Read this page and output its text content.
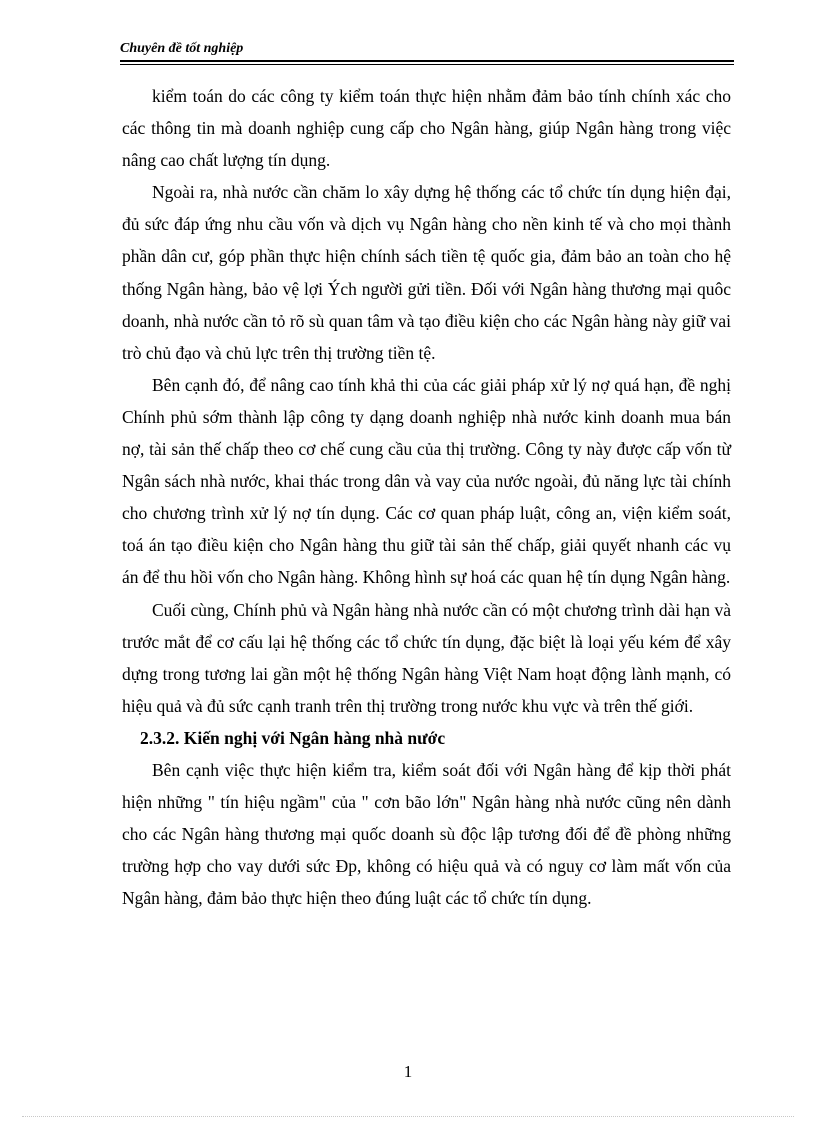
Chuyên đề tốt nghiệp

kiểm toán do các công ty kiểm toán thực hiện nhằm đảm bảo tính chính xác cho các thông tin mà doanh nghiệp cung cấp cho Ngân hàng, giúp Ngân hàng trong việc nâng cao chất lượng tín dụng.

Ngoài ra, nhà nước cần chăm lo xây dựng hệ thống các tổ chức tín dụng hiện đại, đủ sức đáp ứng nhu cầu vốn và dịch vụ Ngân hàng cho nền kinh tế và cho mọi thành phần dân cư, góp phần thực hiện chính sách tiền tệ quốc gia, đảm bảo an toàn cho hệ thống Ngân hàng, bảo vệ lợi Ých người gửi tiền. Đối với Ngân hàng thương mại quôc doanh, nhà nước cần tỏ rõ sù quan tâm và tạo điều kiện cho các Ngân hàng này giữ vai trò chủ đạo và chủ lực trên thị trường tiền tệ.

Bên cạnh đó, để nâng cao tính khả thi của các giải pháp xử lý nợ quá hạn, đề nghị Chính phủ sớm thành lập công ty dạng doanh nghiệp nhà nước kinh doanh mua bán nợ, tài sản thế chấp theo cơ chế cung cầu của thị trường. Công ty này được cấp vốn từ Ngân sách nhà nước, khai thác trong dân và vay của nước ngoài, đủ năng lực tài chính cho chương trình xử lý nợ tín dụng. Các cơ quan pháp luật, công an, viện kiểm soát, toá án tạo điều kiện cho Ngân hàng thu giữ tài sản thế chấp, giải quyết nhanh các vụ án để thu hồi vốn cho Ngân hàng. Không hình sự hoá các quan hệ tín dụng Ngân hàng.

Cuối cùng, Chính phủ và Ngân hàng nhà nước cần có một chương trình dài hạn và trước mắt để cơ cấu lại hệ thống các tổ chức tín dụng, đặc biệt là loại yếu kém để xây dựng trong tương lai gần một hệ thống Ngân hàng Việt Nam hoạt động lành mạnh, có hiệu quả và đủ sức cạnh tranh trên thị trường trong nước khu vực và trên thế giới.

2.3.2. Kiến nghị với Ngân hàng nhà nước

Bên cạnh việc thực hiện kiểm tra, kiểm soát đối với Ngân hàng để kịp thời phát hiện những " tín hiệu ngầm" của " cơn bão lớn" Ngân hàng nhà nước cũng nên dành cho các Ngân hàng thương mại quốc doanh sù độc lập tương đối để đề phòng những trường hợp cho vay dưới sức Ðp, không có hiệu quả và có nguy cơ làm mất vốn của Ngân hàng, đảm bảo thực hiện theo đúng luật các tổ chức tín dụng.

1
